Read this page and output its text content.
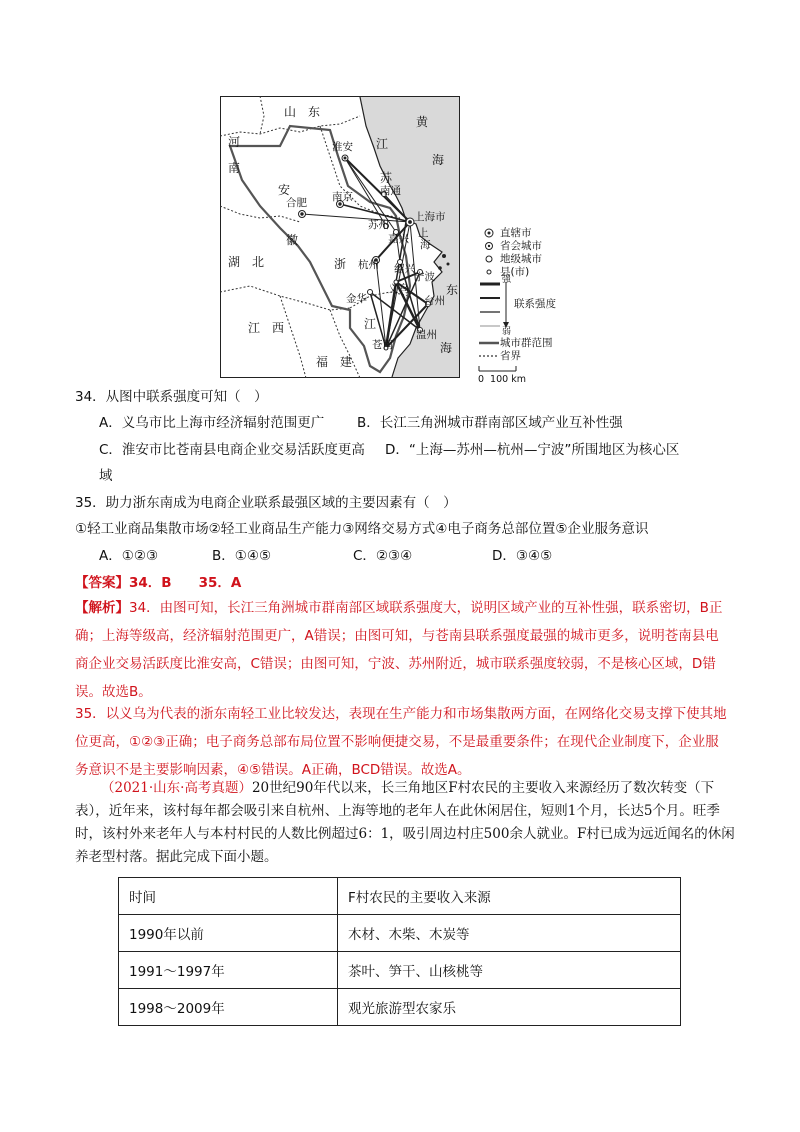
山　东
河
南
安
徽
湖　北
江　西
福　建
江
苏
浙
江
黄
海
东
海
淮安
合肥 南京	南通
苏州
上海市
上
海
嘉兴
杭州 绍兴
宁波
义乌
金华	台州
温州
苍南
直辖市
省会城市
地级城市
县(市)
强
联系强度
弱
城市群范围
省界
0 100 km
34．从图中联系强度可知（　）
A．义乌市比上海市经济辐射范围更广 B．长江三角洲城市群南部区域产业互补性强
C．淮安市比苍南县电商企业交易活跃度更高 D．“上海—苏州—杭州—宁波”所围地区为核心区
域
35．助力浙东南成为电商企业联系最强区域的主要因素有（　）
①轻工业商品集散市场②轻工业商品生产能力③网络交易方式④电子商务总部位置⑤企业服务意识
A．①②③	B．①④⑤	C．②③④	D．③④⑤
【答案】34．B　　35．A
【解析】34．由图可知，长江三角洲城市群南部区域联系强度大，说明区域产业的互补性强，联系密切，B正确；上海等级高，经济辐射范围更广，A错误；由图可知，与苍南县联系强度最强的城市更多，说明苍南县电商企业交易活跃度比淮安高，C错误；由图可知，宁波、苏州附近，城市联系强度较弱，不是核心区域，D错误。故选B。
35．以义乌为代表的浙东南轻工业比较发达，表现在生产能力和市场集散两方面，在网络化交易支撑下使其地位更高，①②③正确；电子商务总部布局位置不影响便捷交易，不是最重要条件；在现代企业制度下，企业服务意识不是主要影响因素，④⑤错误。A正确，BCD错误。故选A。
（2021·山东·高考真题）20世纪90年代以来，长三角地区F村农民的主要收入来源经历了数次转变（下表），近年来，该村每年都会吸引来自杭州、上海等地的老年人在此休闲居住，短则1个月，长达5个月。旺季时，该村外来老年人与本村村民的人数比例超过6：1，吸引周边村庄500余人就业。F村已成为远近闻名的休闲养老型村落。据此完成下面小题。
时间	F村农民的主要收入来源
1990年以前	木材、木柴、木炭等
1991～1997年	茶叶、笋干、山核桃等
1998～2009年	观光旅游型农家乐
